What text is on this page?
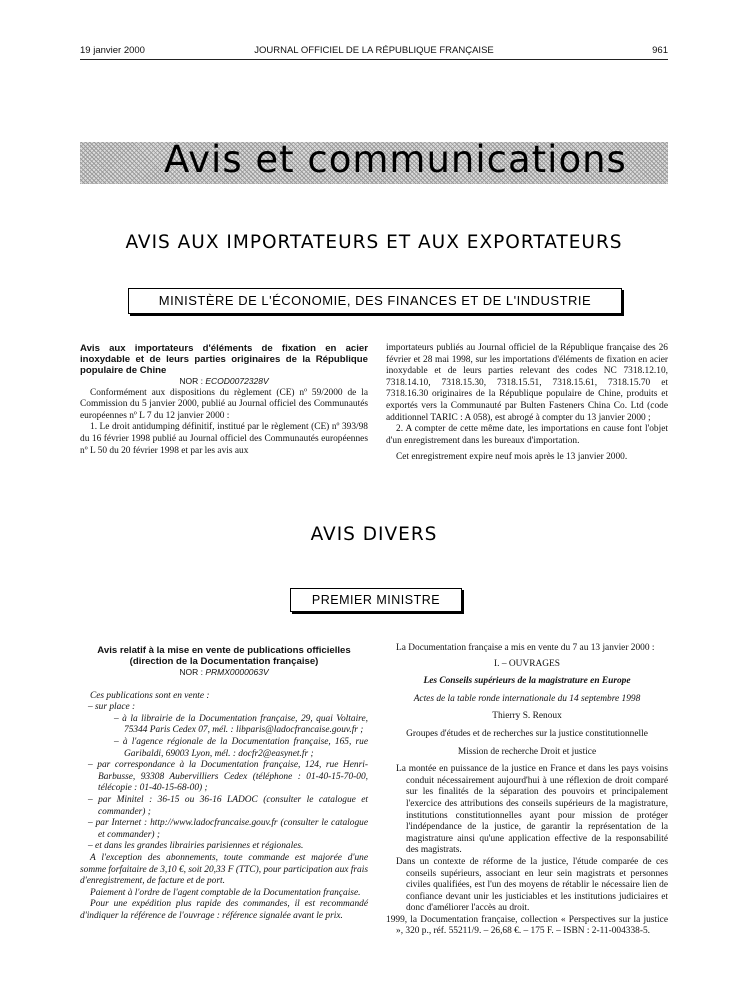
19 janvier 2000	JOURNAL OFFICIEL DE LA RÉPUBLIQUE FRANÇAISE	961
Avis et communications
AVIS AUX IMPORTATEURS ET AUX EXPORTATEURS
MINISTÈRE DE L'ÉCONOMIE, DES FINANCES ET DE L'INDUSTRIE

Avis aux importateurs d'éléments de fixation en acier inoxydable et de leurs parties originaires de la République populaire de Chine

NOR : ECOD0072328V

Conformément aux dispositions du règlement (CE) nº 59/2000 de la Commission du 5 janvier 2000, publié au Journal officiel des Communautés européennes nº L 7 du 12 janvier 2000 :

1. Le droit antidumping définitif, institué par le règlement (CE) nº 393/98 du 16 février 1998 publié au Journal officiel des Communautés européennes nº L 50 du 20 février 1998 et par les avis aux

importateurs publiés au Journal officiel de la République française des 26 février et 28 mai 1998, sur les importations d'éléments de fixation en acier inoxydable et de leurs parties relevant des codes NC 7318.12.10, 7318.14.10, 7318.15.30, 7318.15.51, 7318.15.61, 7318.15.70 et 7318.16.30 originaires de la République populaire de Chine, produits et exportés vers la Communauté par Bulten Fasteners China Co. Ltd (code additionnel TARIC : A 058), est abrogé à compter du 13 janvier 2000 ;

2. A compter de cette même date, les importations en cause font l'objet d'un enregistrement dans les bureaux d'importation.

Cet enregistrement expire neuf mois après le 13 janvier 2000.

AVIS DIVERS
PREMIER MINISTRE

Avis relatif à la mise en vente de publications officielles

(direction de la Documentation française)

NOR : PRMX0000063V

Ces publications sont en vente :

– sur place :
– à la librairie de la Documentation française, 29, quai Voltaire, 75344 Paris Cedex 07, mél. : libparis@ladocfrancaise.gouv.fr ;
– à l'agence régionale de la Documentation française, 165, rue Garibaldi, 69003 Lyon, mél. : docfr2@easynet.fr ;
– par correspondance à la Documentation française, 124, rue Henri-Barbusse, 93308 Aubervilliers Cedex (téléphone : 01-40-15-70-00, télécopie : 01-40-15-68-00) ;
– par Minitel : 36-15 ou 36-16 LADOC (consulter le catalogue et commander) ;
– par Internet : http://www.ladocfrancaise.gouv.fr (consulter le catalogue et commander) ;
– et dans les grandes librairies parisiennes et régionales.

A l'exception des abonnements, toute commande est majorée d'une somme forfaitaire de 3,10 €, soit 20,33 F (TTC), pour participation aux frais d'enregistrement, de facture et de port.

Paiement à l'ordre de l'agent comptable de la Documentation française.

Pour une expédition plus rapide des commandes, il est recommandé d'indiquer la référence de l'ouvrage : référence signalée avant le prix.

La Documentation française a mis en vente du 7 au 13 janvier 2000 :

I. – OUVRAGES

Les Conseils supérieurs de la magistrature en Europe

Actes de la table ronde internationale du 14 septembre 1998

Thierry S. Renoux

Groupes d'études et de recherches sur la justice constitutionnelle

Mission de recherche Droit et justice

La montée en puissance de la justice en France et dans les pays voisins conduit nécessairement aujourd'hui à une réflexion de droit comparé sur les finalités de la séparation des pouvoirs et principalement l'exercice des attributions des conseils supérieurs de la magistrature, institutions constitutionnelles ayant pour mission de protéger l'indépendance de la justice, de garantir la représentation de la magistrature ainsi qu'une application effective de la responsabilité des magistrats.

Dans un contexte de réforme de la justice, l'étude comparée de ces conseils supérieurs, associant en leur sein magistrats et personnes civiles qualifiées, est l'un des moyens de rétablir le nécessaire lien de confiance devant unir les justiciables et les institutions judiciaires et donc d'améliorer l'accès au droit.

1999, la Documentation française, collection « Perspectives sur la justice », 320 p., réf. 55211/9. – 26,68 €. – 175 F. – ISBN : 2-11-004338-5.
